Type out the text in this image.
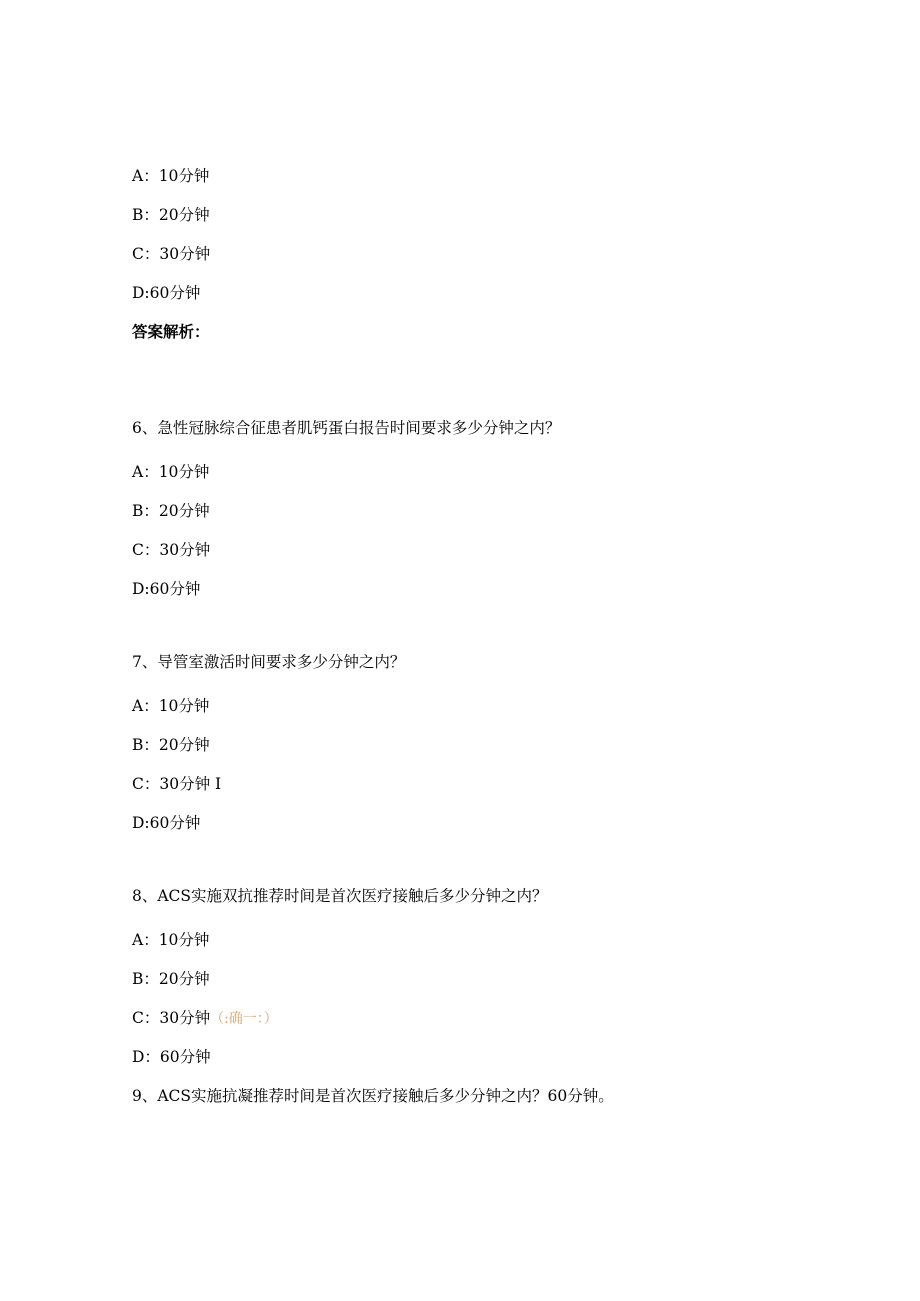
A：10分钟
B：20分钟
C：30分钟
D:60分钟
答案解析：
6、急性冠脉综合征患者肌钙蛋白报告时间要求多少分钟之内？
A：10分钟
B：20分钟
C：30分钟
D:60分钟
7、导管室激活时间要求多少分钟之内？
A：10分钟
B：20分钟
C：30分钟 I
D:60分钟
8、ACS实施双抗推荐时间是首次医疗接触后多少分钟之内？
A：10分钟
B：20分钟
C：30分钟（:确一：）
D：60分钟
9、ACS实施抗凝推荐时间是首次医疗接触后多少分钟之内？60分钟。
